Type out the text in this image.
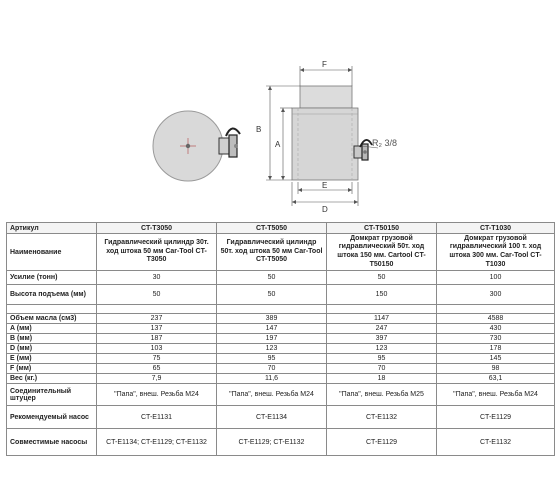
F
B
A
E
D
R₂ 3/8
Артикул	CT-T3050	CT-T5050	CT-T50150	CT-T1030
Наименование	Гидравлический цилиндр 30т. ход штока 50 мм Car-Tool CT-T3050	Гидравлический цилиндр 50т. ход штока 50 мм Car-Tool CT-T5050	Домкрат грузовой гидравлический 50т. ход штока 150 мм. Cartool CT-T50150	Домкрат грузовой гидравлический 100 т. ход штока 300 мм. Car-Tool CT-T1030
Усилие (тонн)	30	50	50	100
Высота подъема (мм)	50	50	150	300

Объем масла (см3)	237	389	1147	4588
A (мм)	137	147	247	430
B (мм)	187	197	397	730
D (мм)	103	123	123	178
E (мм)	75	95	95	145
F (мм)	65	70	70	98
Вес (кг.)	7,9	11,6	18	63,1
Соединительный штуцер	"Папа", внеш. Резьба М24	"Папа", внеш. Резьба М24	"Папа", внеш. Резьба М25	"Папа", внеш. Резьба М24
Рекомендуемый насос	CT-E1131	CT-E1134	CT-E1132	CT-E1129
Совместимые насосы	CT-E1134; CT-E1129; CT-E1132	CT-E1129; CT-E1132	CT-E1129	CT-E1132
